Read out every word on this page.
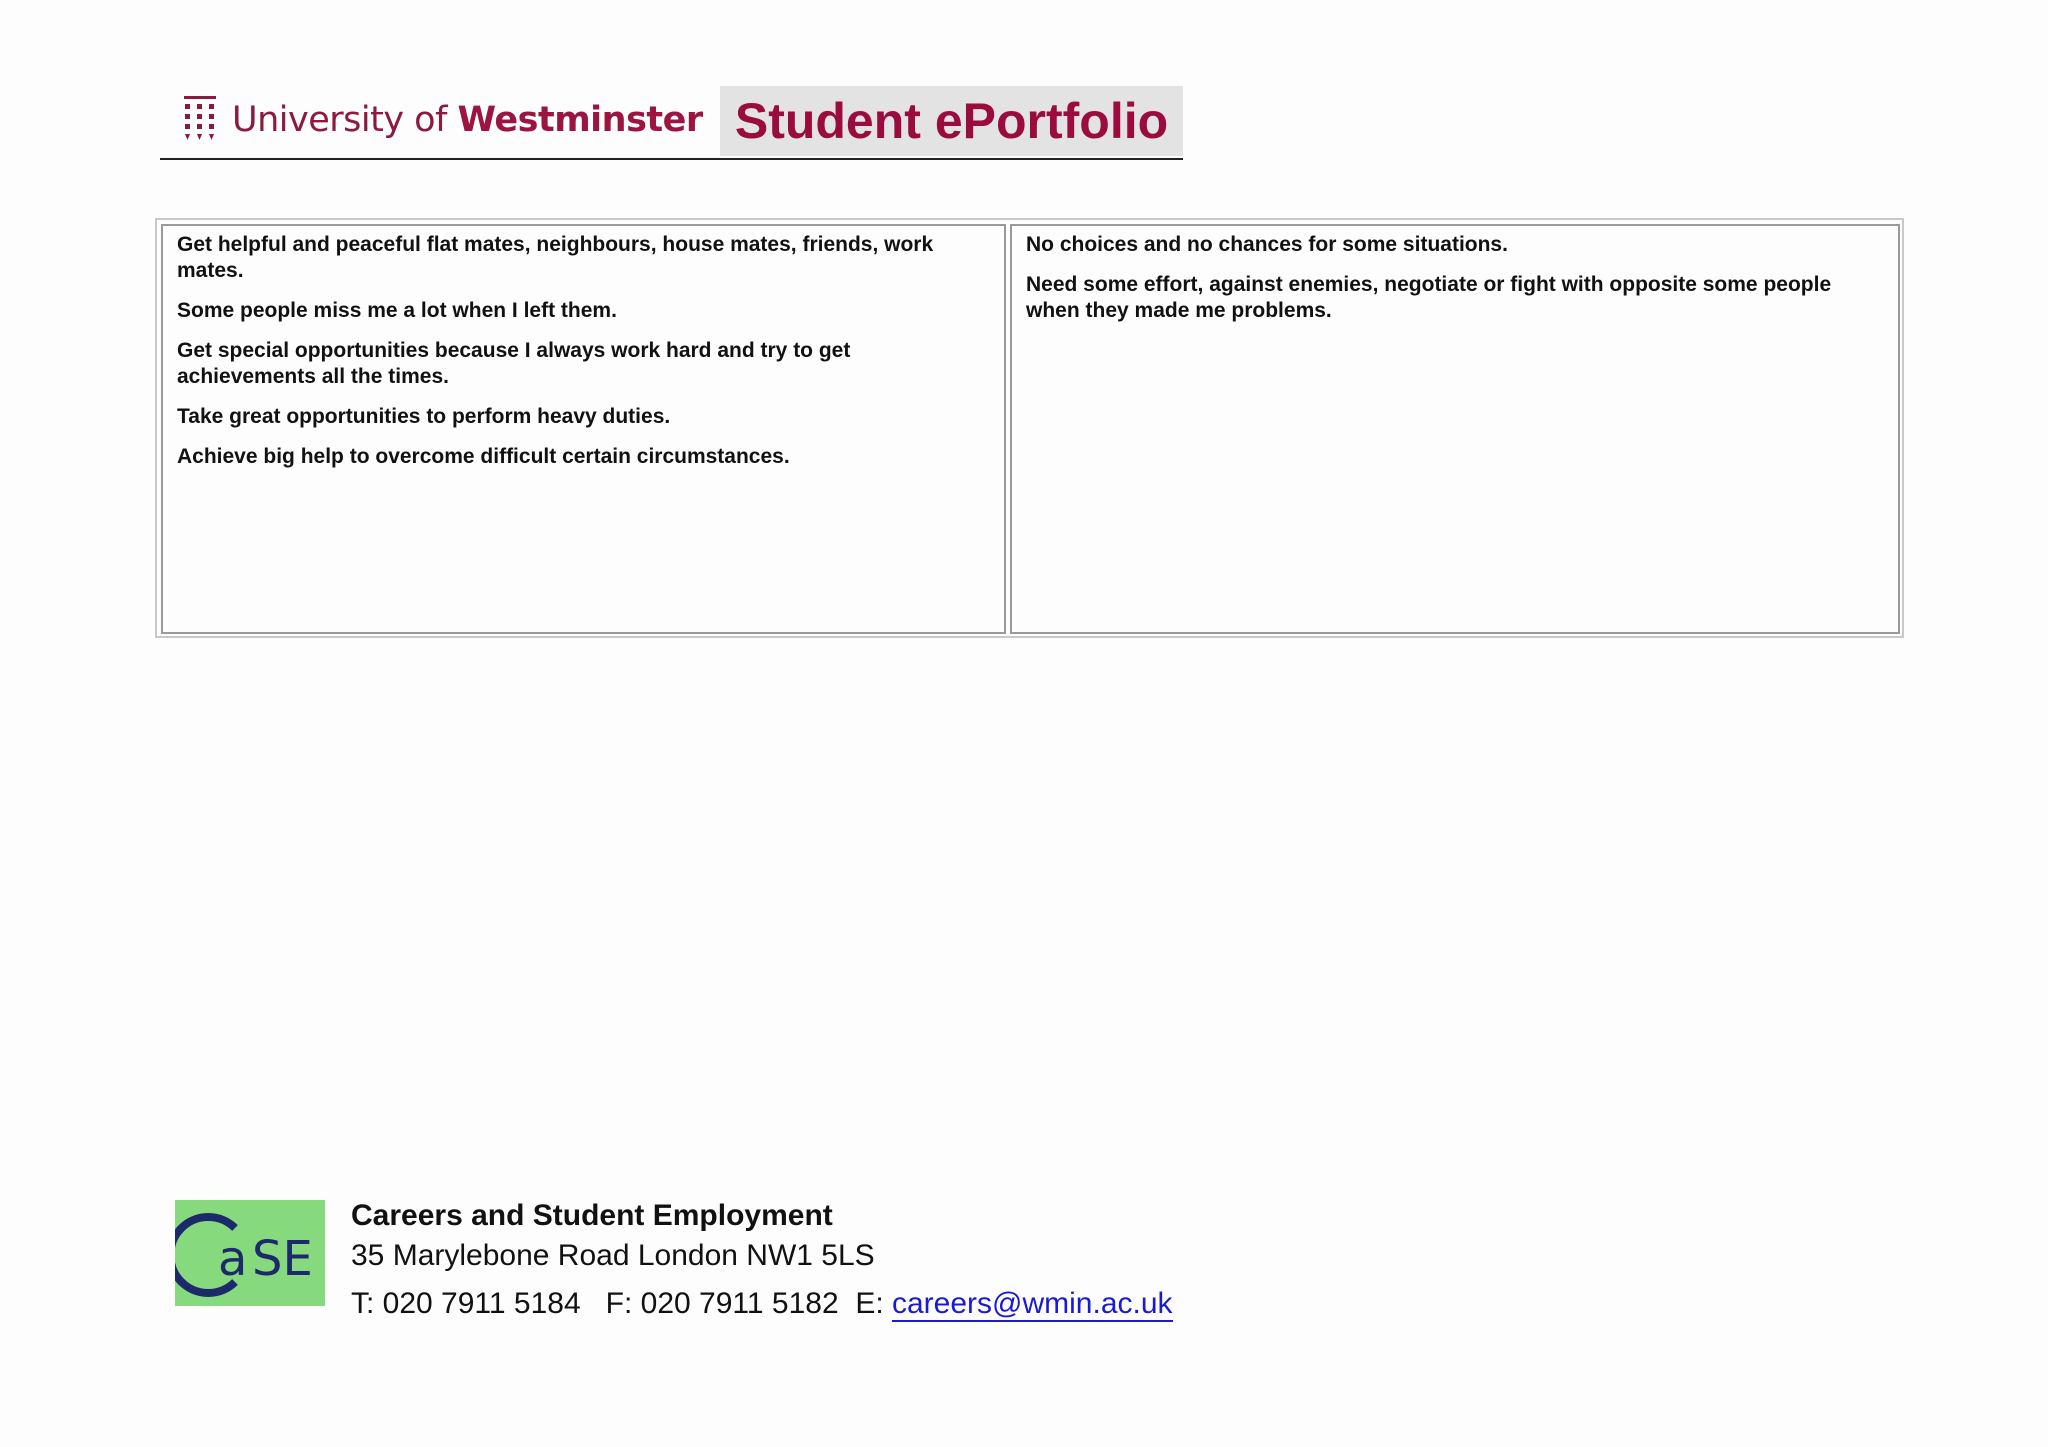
University of Westminster Student ePortfolio

Get helpful and peaceful flat mates, neighbours, house mates, friends, work mates.

Some people miss me a lot when I left them.

Get special opportunities because I always work hard and try to get achievements all the times.

Take great opportunities to perform heavy duties.

Achieve big help to overcome difficult certain circumstances.

No choices and no chances for some situations.

Need some effort, against enemies, negotiate or fight with opposite some people when they made me problems.

a SE
Careers and Student Employment
35 Marylebone Road London NW1 5LS
T: 020 7911 5184 F: 020 7911 5182 E: careers@wmin.ac.uk
